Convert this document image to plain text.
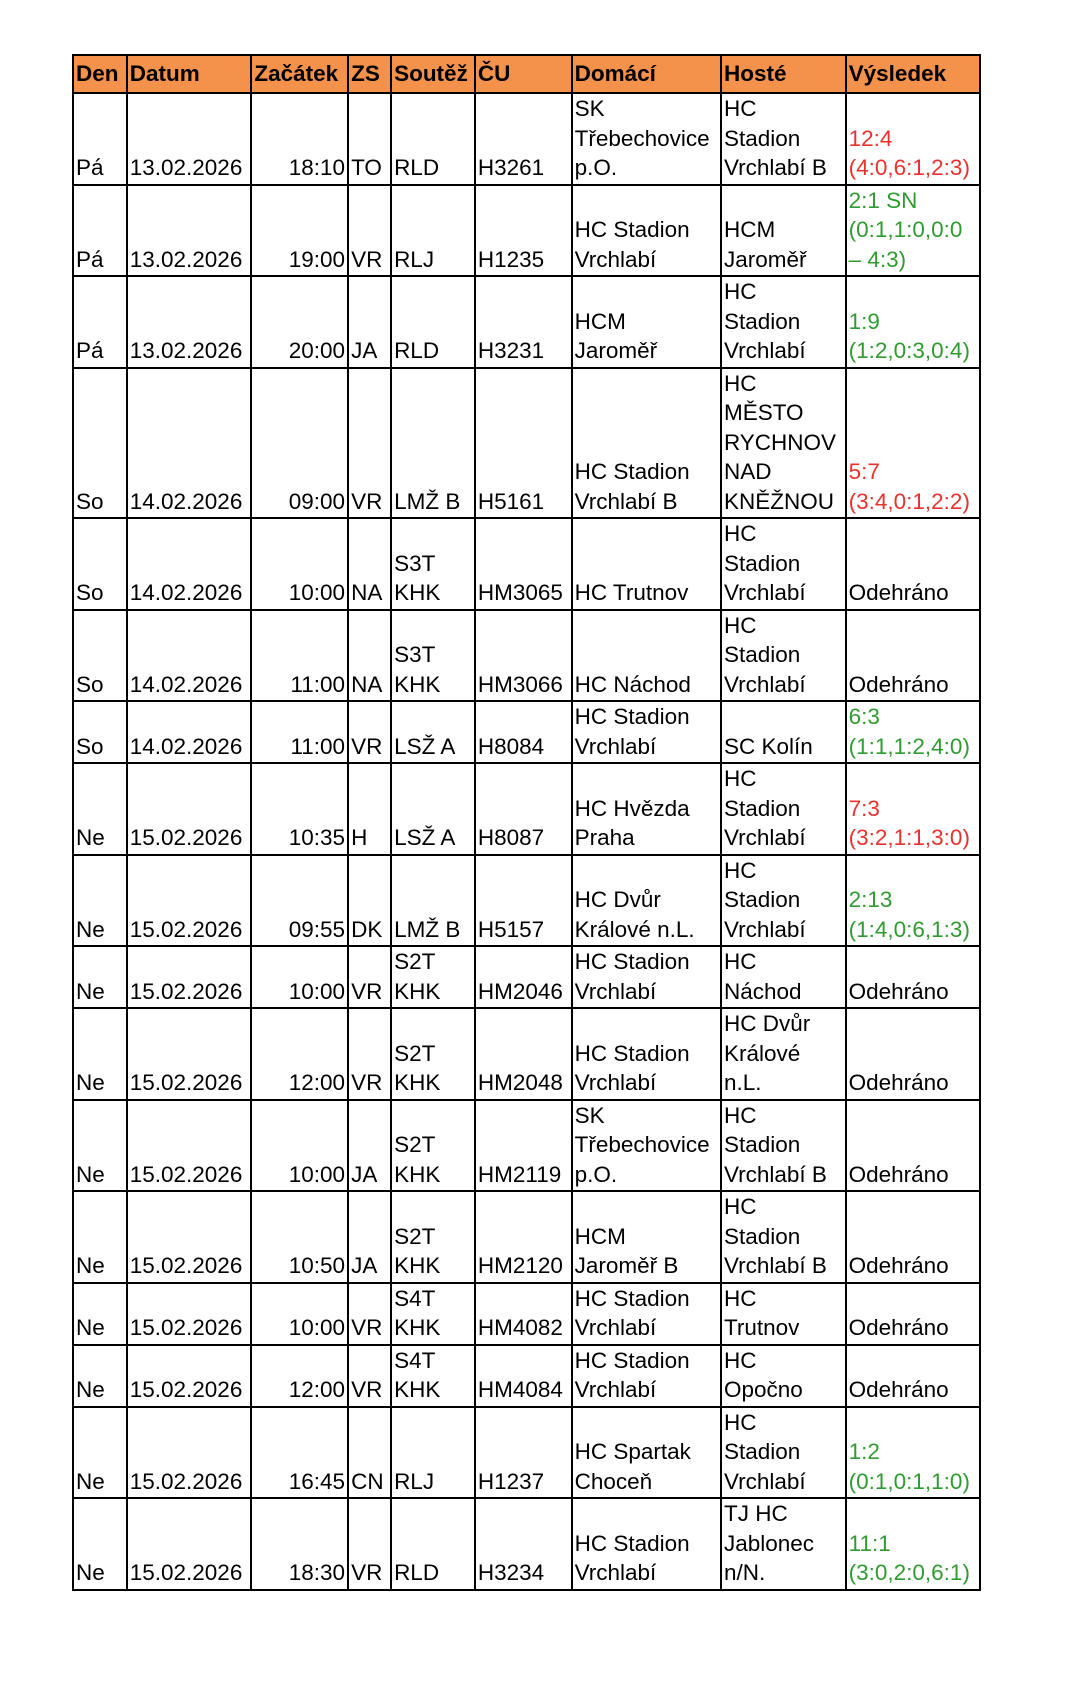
Den	Datum	Začátek	ZS	Soutěž	ČU	Domácí	Hosté	Výsledek
Pá	13.02.2026	18:10	TO	RLD	H3261	SK
Třebechovice
p.O.	HC
Stadion
Vrchlabí B	12:4
(4:0,6:1,2:3)

Pá	13.02.2026	19:00	VR	RLJ	H1235	HC Stadion
Vrchlabí	HCM
Jaroměř	2:1 SN
(0:1,1:0,0:0
– 4:3)

Pá	13.02.2026	20:00	JA	RLD	H3231	HCM
Jaroměř	HC
Stadion
Vrchlabí	1:9
(1:2,0:3,0:4)

So	14.02.2026	09:00	VR	LMŽ B	H5161	HC Stadion
Vrchlabí B	HC
MĚSTO
RYCHNOV
NAD
KNĚŽNOU	5:7
(3:4,0:1,2:2)

So	14.02.2026	10:00	NA	S3T
KHK	HM3065	HC Trutnov	HC
Stadion
Vrchlabí	Odehráno

So	14.02.2026	11:00	NA	S3T
KHK	HM3066	HC Náchod	HC
Stadion
Vrchlabí	Odehráno

So	14.02.2026	11:00	VR	LSŽ A	H8084	HC Stadion
Vrchlabí	SC Kolín	6:3
(1:1,1:2,4:0)

Ne	15.02.2026	10:35	H	LSŽ A	H8087	HC Hvězda
Praha	HC
Stadion
Vrchlabí	7:3
(3:2,1:1,3:0)

Ne	15.02.2026	09:55	DK	LMŽ B	H5157	HC Dvůr
Králové n.L.	HC
Stadion
Vrchlabí	2:13
(1:4,0:6,1:3)

Ne	15.02.2026	10:00	VR	S2T
KHK	HM2046	HC Stadion
Vrchlabí	HC
Náchod	Odehráno

Ne	15.02.2026	12:00	VR	S2T
KHK	HM2048	HC Stadion
Vrchlabí	HC Dvůr
Králové
n.L.	Odehráno

Ne	15.02.2026	10:00	JA	S2T
KHK	HM2119	SK
Třebechovice
p.O.	HC
Stadion
Vrchlabí B	Odehráno

Ne	15.02.2026	10:50	JA	S2T
KHK	HM2120	HCM
Jaroměř B	HC
Stadion
Vrchlabí B	Odehráno

Ne	15.02.2026	10:00	VR	S4T
KHK	HM4082	HC Stadion
Vrchlabí	HC
Trutnov	Odehráno

Ne	15.02.2026	12:00	VR	S4T
KHK	HM4084	HC Stadion
Vrchlabí	HC
Opočno	Odehráno

Ne	15.02.2026	16:45	CN	RLJ	H1237	HC Spartak
Choceň	HC
Stadion
Vrchlabí	1:2
(0:1,0:1,1:0)

Ne	15.02.2026	18:30	VR	RLD	H3234	HC Stadion
Vrchlabí	TJ HC
Jablonec
n/N.	11:1
(3:0,2:0,6:1)
